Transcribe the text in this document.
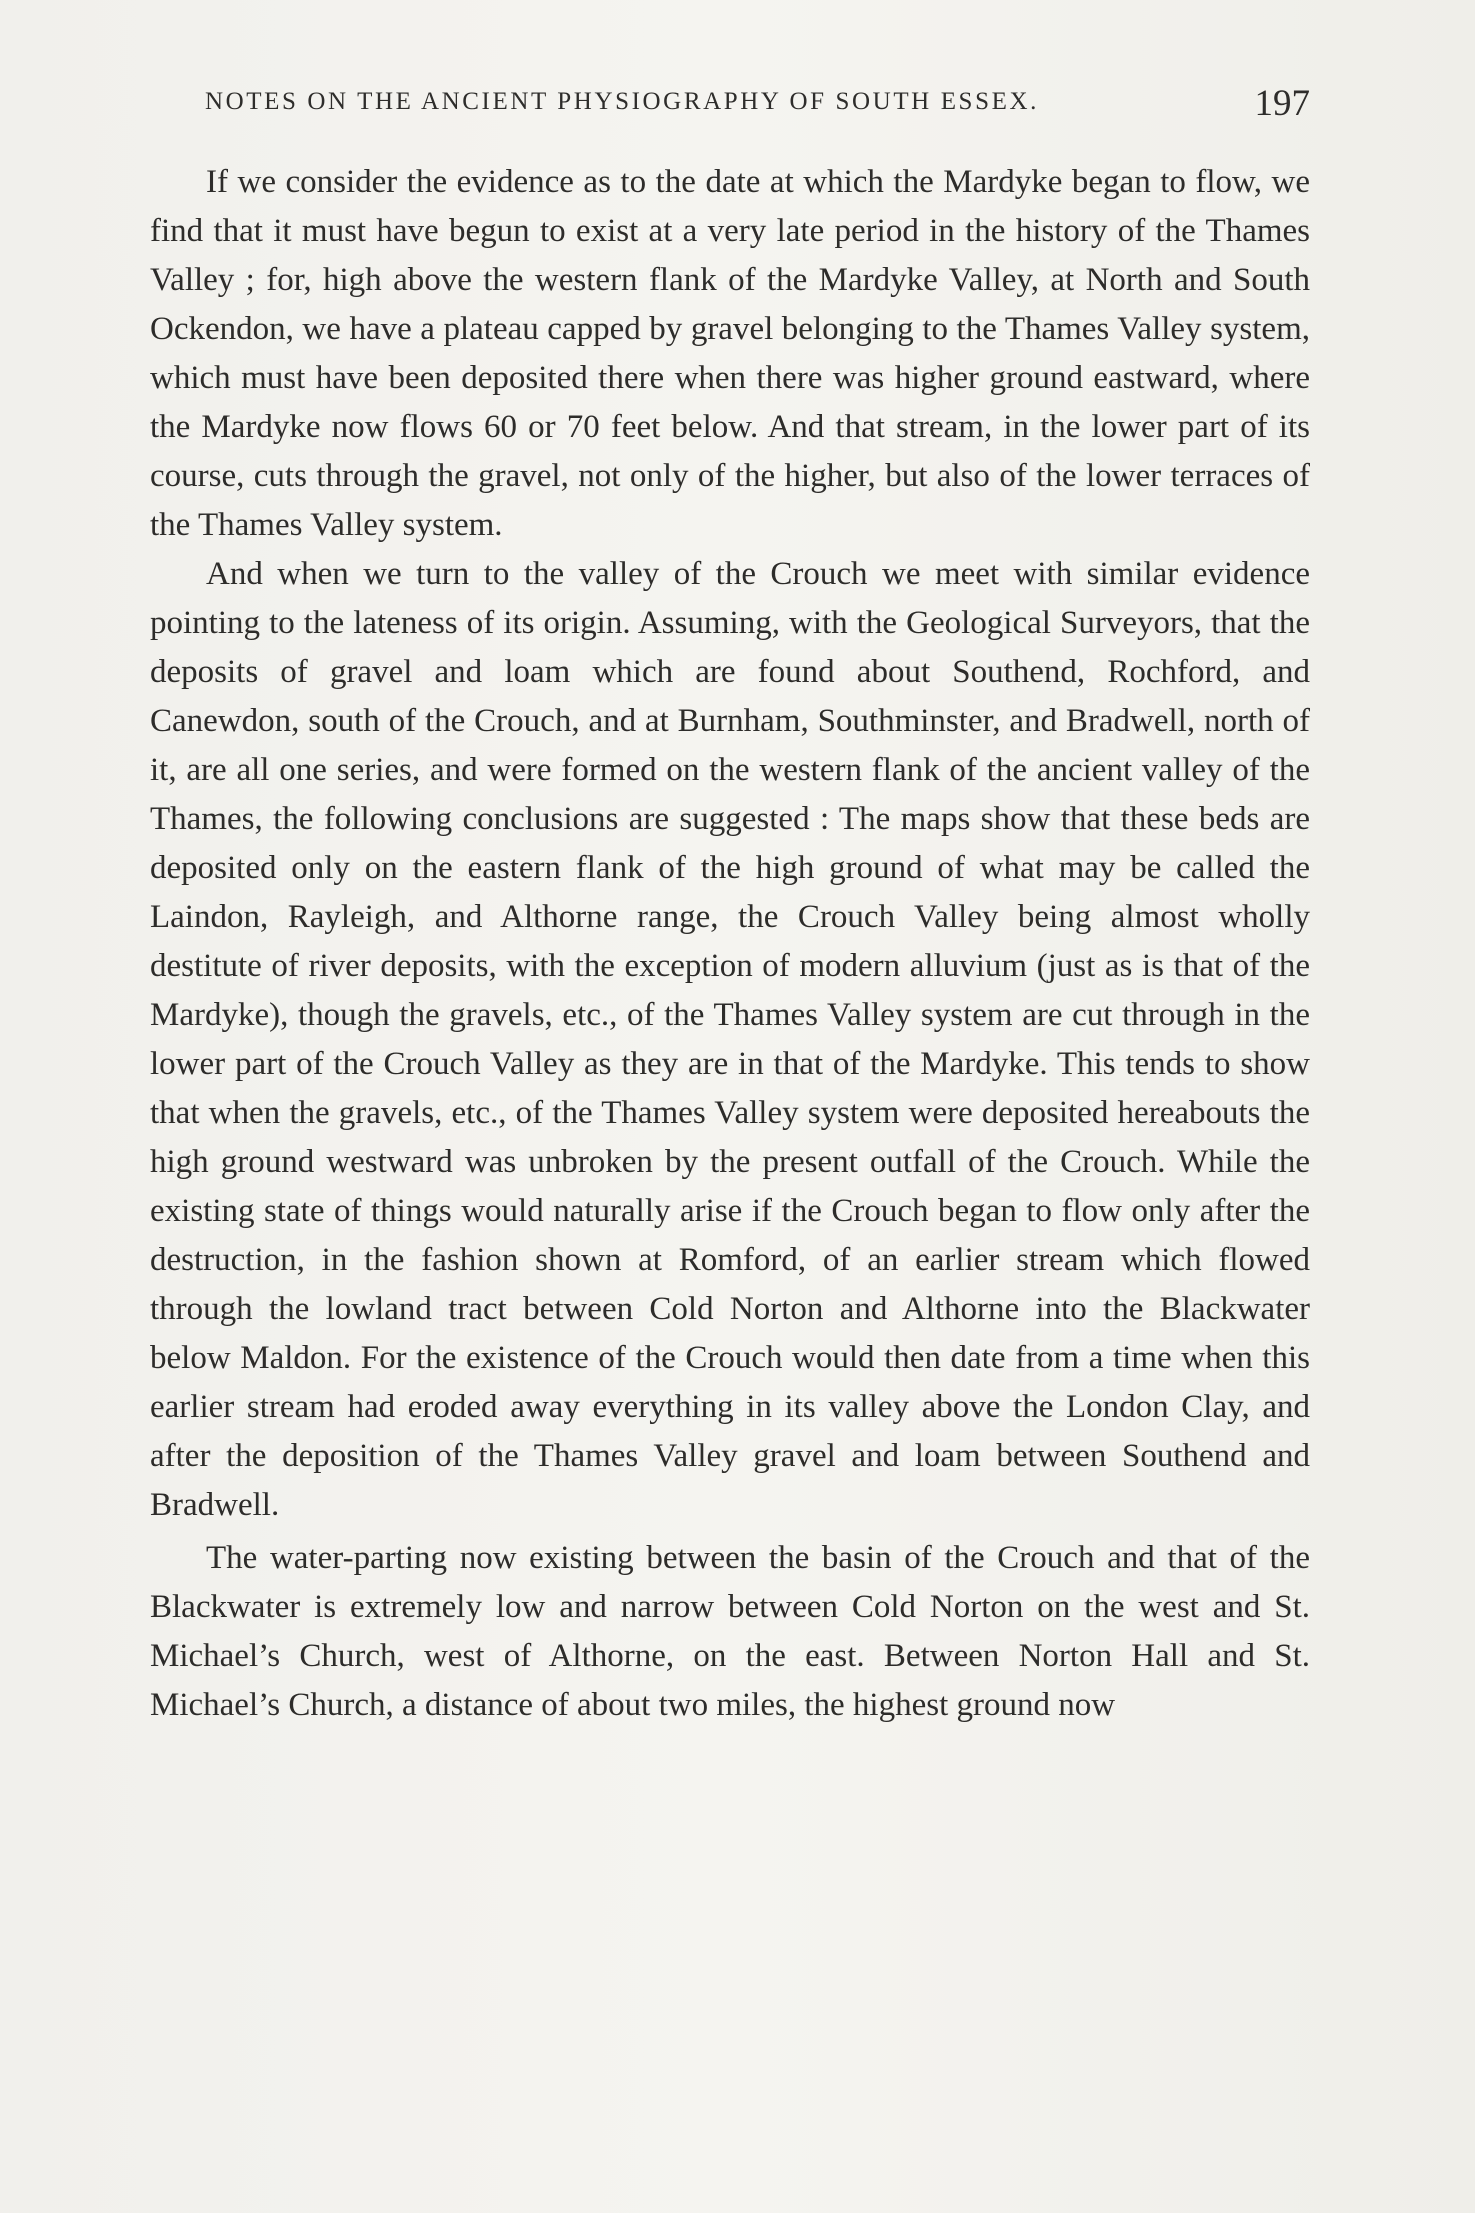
NOTES ON THE ANCIENT PHYSIOGRAPHY OF SOUTH ESSEX.	197

If we consider the evidence as to the date at which the Mardyke began to flow, we find that it must have begun to exist at a very late period in the history of the Thames Valley ; for, high above the western flank of the Mardyke Valley, at North and South Ockendon, we have a plateau capped by gravel belonging to the Thames Valley system, which must have been deposited there when there was higher ground eastward, where the Mardyke now flows 60 or 70 feet below. And that stream, in the lower part of its course, cuts through the gravel, not only of the higher, but also of the lower terraces of the Thames Valley system.

And when we turn to the valley of the Crouch we meet with similar evidence pointing to the lateness of its origin. Assuming, with the Geological Surveyors, that the deposits of gravel and loam which are found about Southend, Rochford, and Canewdon, south of the Crouch, and at Burnham, Southminster, and Bradwell, north of it, are all one series, and were formed on the western flank of the ancient valley of the Thames, the following conclusions are suggested : The maps show that these beds are deposited only on the eastern flank of the high ground of what may be called the Laindon, Rayleigh, and Althorne range, the Crouch Valley being almost wholly destitute of river deposits, with the exception of modern alluvium (just as is that of the Mardyke), though the gravels, etc., of the Thames Valley system are cut through in the lower part of the Crouch Valley as they are in that of the Mardyke. This tends to show that when the gravels, etc., of the Thames Valley system were deposited hereabouts the high ground westward was unbroken by the present outfall of the Crouch. While the existing state of things would naturally arise if the Crouch began to flow only after the destruction, in the fashion shown at Romford, of an earlier stream which flowed through the lowland tract between Cold Norton and Althorne into the Blackwater below Maldon. For the existence of the Crouch would then date from a time when this earlier stream had eroded away everything in its valley above the London Clay, and after the deposition of the Thames Valley gravel and loam between Southend and Bradwell.

The water-parting now existing between the basin of the Crouch and that of the Blackwater is extremely low and narrow between Cold Norton on the west and St. Michael’s Church, west of Althorne, on the east. Between Norton Hall and St. Michael’s Church, a distance of about two miles, the highest ground now
